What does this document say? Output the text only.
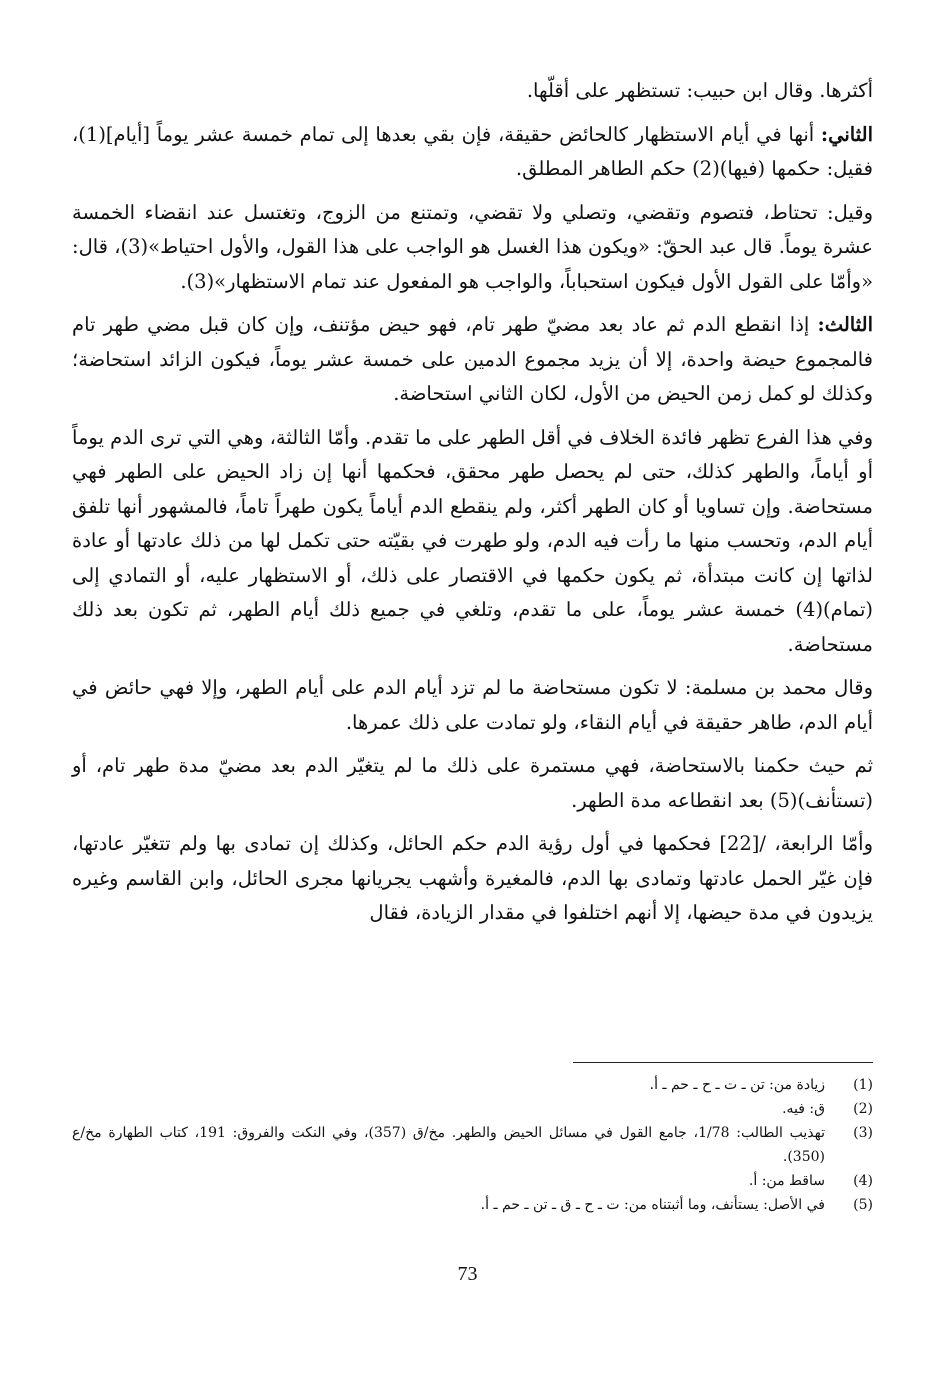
أكثرها. وقال ابن حبيب: تستظهر على أقلّها.

الثاني: أنها في أيام الاستظهار كالحائض حقيقة، فإن بقي بعدها إلى تمام خمسة عشر يوماً [أيام](1)، فقيل: حكمها (فيها)(2) حكم الطاهر المطلق.

وقيل: تحتاط، فتصوم وتقضي، وتصلي ولا تقضي، وتمتنع من الزوج، وتغتسل عند انقضاء الخمسة عشرة يوماً. قال عبد الحقّ: «ويكون هذا الغسل هو الواجب على هذا القول، والأول احتياط»(3)، قال: «وأمّا على القول الأول فيكون استحباباً، والواجب هو المفعول عند تمام الاستظهار»(3).

الثالث: إذا انقطع الدم ثم عاد بعد مضيّ طهر تام، فهو حيض مؤتنف، وإن كان قبل مضي طهر تام فالمجموع حيضة واحدة، إلا أن يزيد مجموع الدمين على خمسة عشر يوماً، فيكون الزائد استحاضة؛ وكذلك لو كمل زمن الحيض من الأول، لكان الثاني استحاضة.

وفي هذا الفرع تظهر فائدة الخلاف في أقل الطهر على ما تقدم. وأمّا الثالثة، وهي التي ترى الدم يوماً أو أياماً، والطهر كذلك، حتى لم يحصل طهر محقق، فحكمها أنها إن زاد الحيض على الطهر فهي مستحاضة. وإن تساويا أو كان الطهر أكثر، ولم ينقطع الدم أياماً يكون طهراً تاماً، فالمشهور أنها تلفق أيام الدم، وتحسب منها ما رأت فيه الدم، ولو طهرت في بقيّته حتى تكمل لها من ذلك عادتها أو عادة لذاتها إن كانت مبتدأة، ثم يكون حكمها في الاقتصار على ذلك، أو الاستظهار عليه، أو التمادي إلى (تمام)(4) خمسة عشر يوماً، على ما تقدم، وتلغي في جميع ذلك أيام الطهر، ثم تكون بعد ذلك مستحاضة.

وقال محمد بن مسلمة: لا تكون مستحاضة ما لم تزد أيام الدم على أيام الطهر، وإلا فهي حائض في أيام الدم، طاهر حقيقة في أيام النقاء، ولو تمادت على ذلك عمرها.

ثم حيث حكمنا بالاستحاضة، فهي مستمرة على ذلك ما لم يتغيّر الدم بعد مضيّ مدة طهر تام، أو (تستأنف)(5) بعد انقطاعه مدة الطهر.

وأمّا الرابعة، /[22] فحكمها في أول رؤية الدم حكم الحائل، وكذلك إن تمادى بها ولم تتغيّر عادتها، فإن غيّر الحمل عادتها وتمادى بها الدم، فالمغيرة وأشهب يجريانها مجرى الحائل، وابن القاسم وغيره يزيدون في مدة حيضها، إلا أنهم اختلفوا في مقدار الزيادة، فقال

(1)
زيادة من: تن ـ ت ـ ح ـ حم ـ أ.
(2)
ق: فيه.
(3)
تهذيب الطالب: 1/78، جامع القول في مسائل الحيض والطهر. مخ/ق (357)، وفي النكت والفروق: 191، كتاب الطهارة مخ/ع (350).
(4)
ساقط من: أ.
(5)
في الأصل: يستأنف، وما أثبتناه من: ت ـ ح ـ ق ـ تن ـ حم ـ أ.
73
